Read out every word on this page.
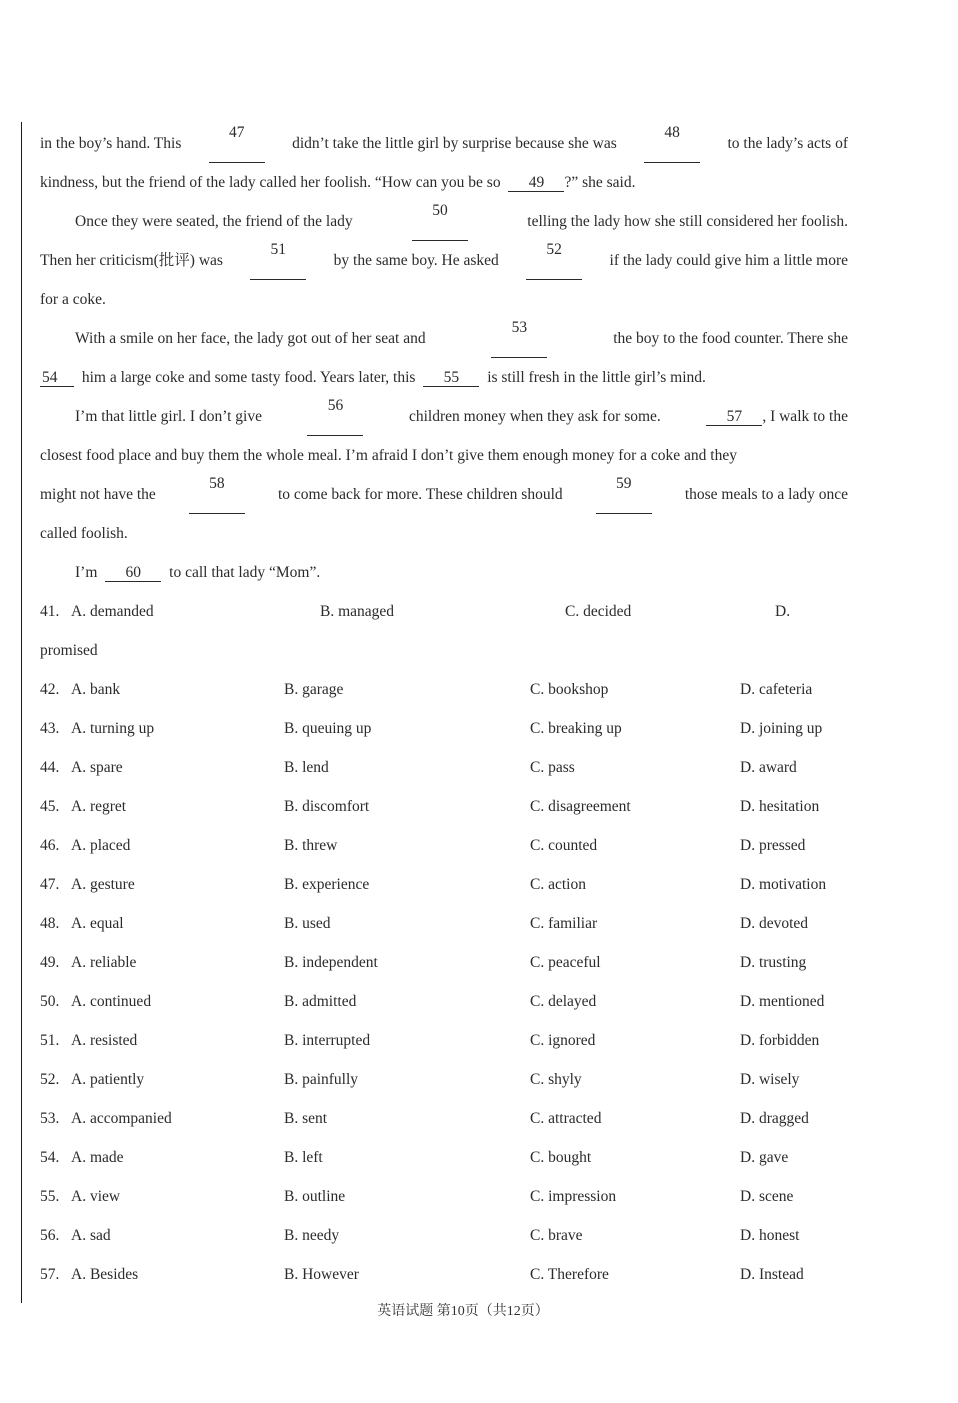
in the boy’s hand. This
47
didn’t take the little girl by surprise because she was
48
to the lady’s acts of
kindness, but the friend of the lady called her foolish. “How can you be so 49 ?” she said.
Once they were seated, the friend of the lady
50
telling the lady how she still considered her foolish.
Then her criticism(批评) was
51
by the same boy. He asked
52
if the lady could give him a little more
for a coke.
With a smile on her face, the lady got out of her seat and
53
the boy to the food counter. There she
54 him a large coke and some tasty food. Years later, this 55 is still fresh in the little girl’s mind.
I’m that little girl. I don’t give
56
children money when they ask for some.	57 , I walk to the
closest food place and buy them the whole meal. I’m afraid I don’t give them enough money for a coke and they
might not have the
58
to come back for more. These children should
59
those meals to a lady once
called foolish.
I’m 60 to call that lady “Mom”.
41. A. demanded	B. managed	C. decided	D.
promised
42. A. bank	B. garage	C. bookshop	D. cafeteria
43. A. turning up	B. queuing up	C. breaking up	D. joining up
44. A. spare	B. lend	C. pass	D. award
45. A. regret	B. discomfort	C. disagreement	D. hesitation
46. A. placed	B. threw	C. counted	D. pressed
47. A. gesture	B. experience	C. action	D. motivation
48. A. equal	B. used	C. familiar	D. devoted
49. A. reliable	B. independent	C. peaceful	D. trusting
50. A. continued	B. admitted	C. delayed	D. mentioned
51. A. resisted	B. interrupted	C. ignored	D. forbidden
52. A. patiently	B. painfully	C. shyly	D. wisely
53. A. accompanied	B. sent	C. attracted	D. dragged
54. A. made	B. left	C. bought	D. gave
55. A. view	B. outline	C. impression	D. scene
56. A. sad	B. needy	C. brave	D. honest
57. A. Besides	B. However	C. Therefore	D. Instead
英语试题 第10页（共12页）
